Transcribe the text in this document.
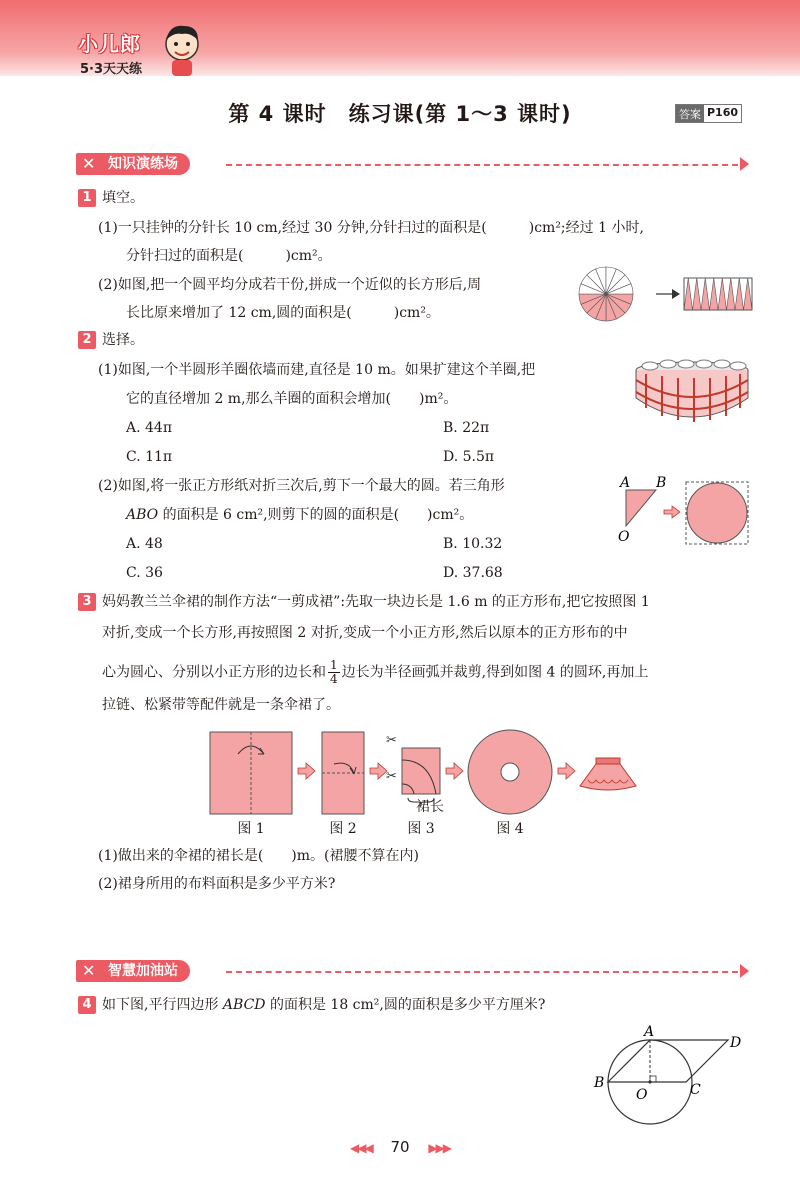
小儿郎
5·3天天练
第 4 课时　练习课(第 1～3 课时)	答案 P160
✕ 知识演练场
1 填空。
(1)一只挂钟的分针长 10 cm,经过 30 分钟,分针扫过的面积是(　　　)cm²;经过 1 小时,
分针扫过的面积是(　　　)cm²。
(2)如图,把一个圆平均分成若干份,拼成一个近似的长方形后,周
长比原来增加了 12 cm,圆的面积是(　　　)cm²。
2 选择。
(1)如图,一个半圆形羊圈依墙而建,直径是 10 m。如果扩建这个羊圈,把
它的直径增加 2 m,那么羊圈的面积会增加(　　)m²。
A. 44π	B. 22π
C. 11π	D. 5.5π
(2)如图,将一张正方形纸对折三次后,剪下一个最大的圆。若三角形
ABO 的面积是 6 cm²,则剪下的圆的面积是(　　)cm²。
A. 48	B. 10.32
C. 36	D. 37.68
A B
O
3 妈妈教兰兰伞裙的制作方法“一剪成裙”:先取一块边长是 1.6 m 的正方形布,把它按照图 1
对折,变成一个长方形,再按照图 2 对折,变成一个小正方形,然后以原本的正方形布的中
心为圆心、分别以小正方形的边长和 $\frac{1}{4}$ 边长为半径画弧并裁剪,得到如图 4 的圆环,再加上
拉链、松紧带等配件就是一条伞裙了。
✂
✂
裙长
图 1	图 2	图 3	图 4
(1)做出来的伞裙的裙长是(　　)m。(裙腰不算在内)
(2)裙身所用的布料面积是多少平方米?
✕ 智慧加油站
4 如下图,平行四边形 ABCD 的面积是 18 cm²,圆的面积是多少平方厘米?
A
D
B
O	C
◀◀◀ 70 ▶▶▶
